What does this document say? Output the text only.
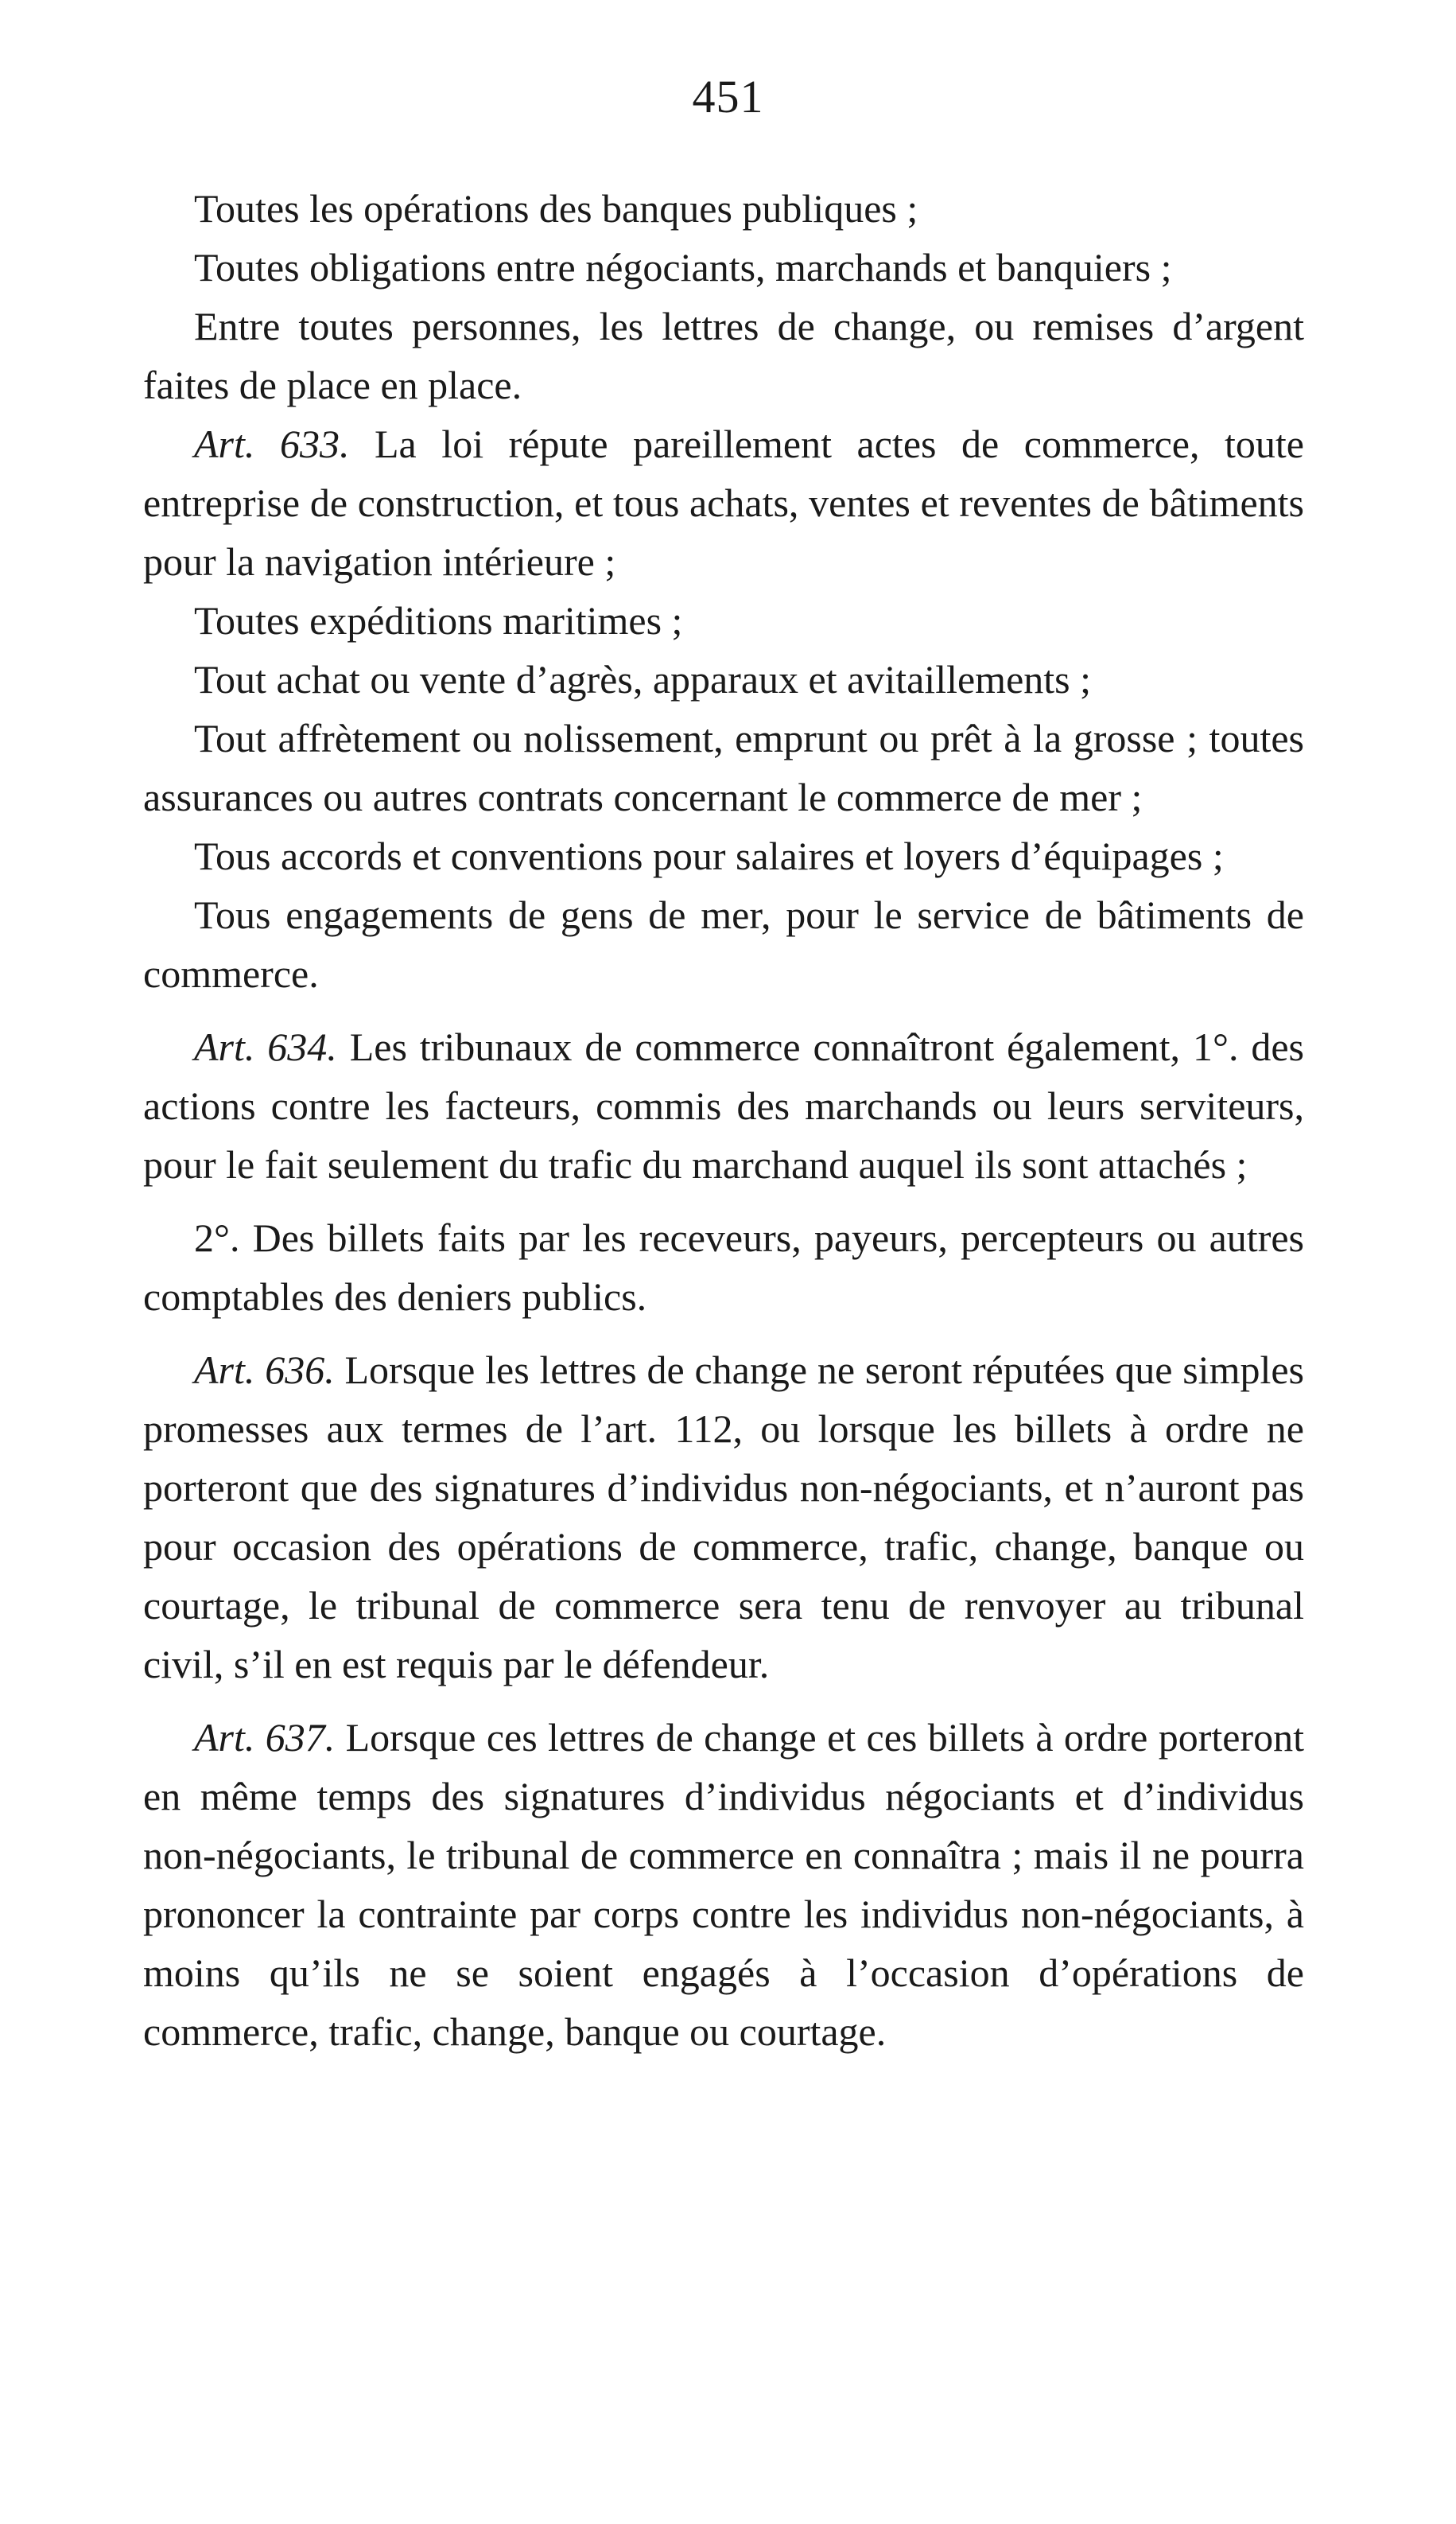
451

Toutes les opérations des banques publiques ;

Toutes obligations entre négociants, marchands et banquiers ;

Entre toutes personnes, les lettres de change, ou remises d’argent faites de place en place.

Art. 633. La loi répute pareillement actes de commerce, toute entreprise de construction, et tous achats, ventes et reventes de bâtiments pour la navigation intérieure ;

Toutes expéditions maritimes ;

Tout achat ou vente d’agrès, apparaux et avitaillements ;

Tout affrètement ou nolissement, emprunt ou prêt à la grosse ; toutes assurances ou autres contrats concernant le commerce de mer ;

Tous accords et conventions pour salaires et loyers d’équipages ;

Tous engagements de gens de mer, pour le service de bâtiments de commerce.

Art. 634. Les tribunaux de commerce connaîtront également, 1°. des actions contre les facteurs, commis des marchands ou leurs serviteurs, pour le fait seulement du trafic du marchand auquel ils sont attachés ;

2°. Des billets faits par les receveurs, payeurs, percepteurs ou autres comptables des deniers publics.

Art. 636. Lorsque les lettres de change ne seront réputées que simples promesses aux termes de l’art. 112, ou lorsque les billets à ordre ne porteront que des signatures d’individus non-négociants, et n’auront pas pour occasion des opérations de commerce, trafic, change, banque ou courtage, le tribunal de commerce sera tenu de renvoyer au tribunal civil, s’il en est requis par le défendeur.

Art. 637. Lorsque ces lettres de change et ces billets à ordre porteront en même temps des signatures d’individus négociants et d’individus non-négociants, le tribunal de commerce en connaîtra ; mais il ne pourra prononcer la contrainte par corps contre les individus non-négociants, à moins qu’ils ne se soient engagés à l’occasion d’opérations de commerce, trafic, change, banque ou courtage.
